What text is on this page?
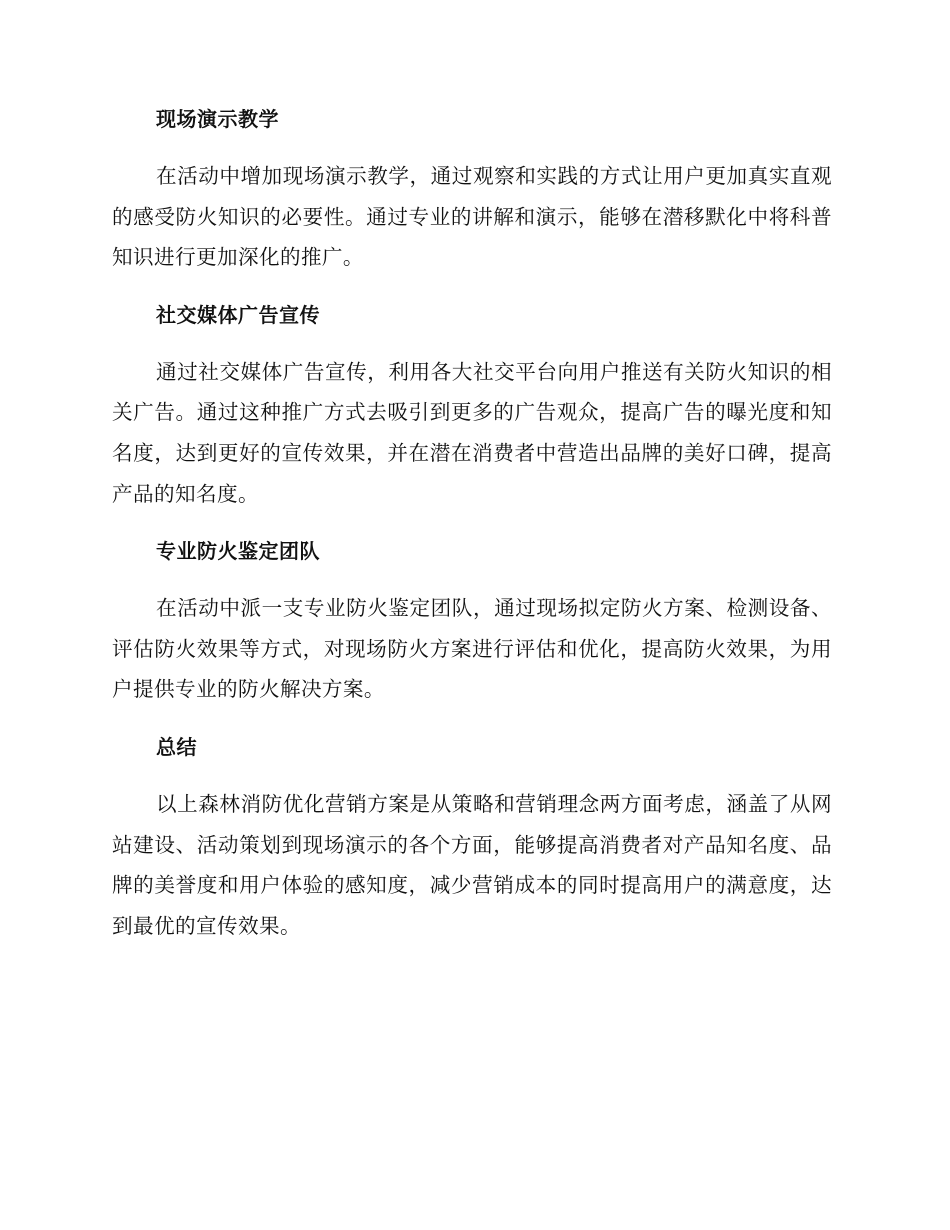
现场演示教学

在活动中增加现场演示教学，通过观察和实践的方式让用户更加真实直观的感受防火知识的必要性。通过专业的讲解和演示，能够在潜移默化中将科普知识进行更加深化的推广。

社交媒体广告宣传

通过社交媒体广告宣传，利用各大社交平台向用户推送有关防火知识的相关广告。通过这种推广方式去吸引到更多的广告观众，提高广告的曝光度和知名度，达到更好的宣传效果，并在潜在消费者中营造出品牌的美好口碑，提高产品的知名度。

专业防火鉴定团队

在活动中派一支专业防火鉴定团队，通过现场拟定防火方案、检测设备、评估防火效果等方式，对现场防火方案进行评估和优化，提高防火效果，为用户提供专业的防火解决方案。

总结

以上森林消防优化营销方案是从策略和营销理念两方面考虑，涵盖了从网站建设、活动策划到现场演示的各个方面，能够提高消费者对产品知名度、品牌的美誉度和用户体验的感知度，减少营销成本的同时提高用户的满意度，达到最优的宣传效果。
